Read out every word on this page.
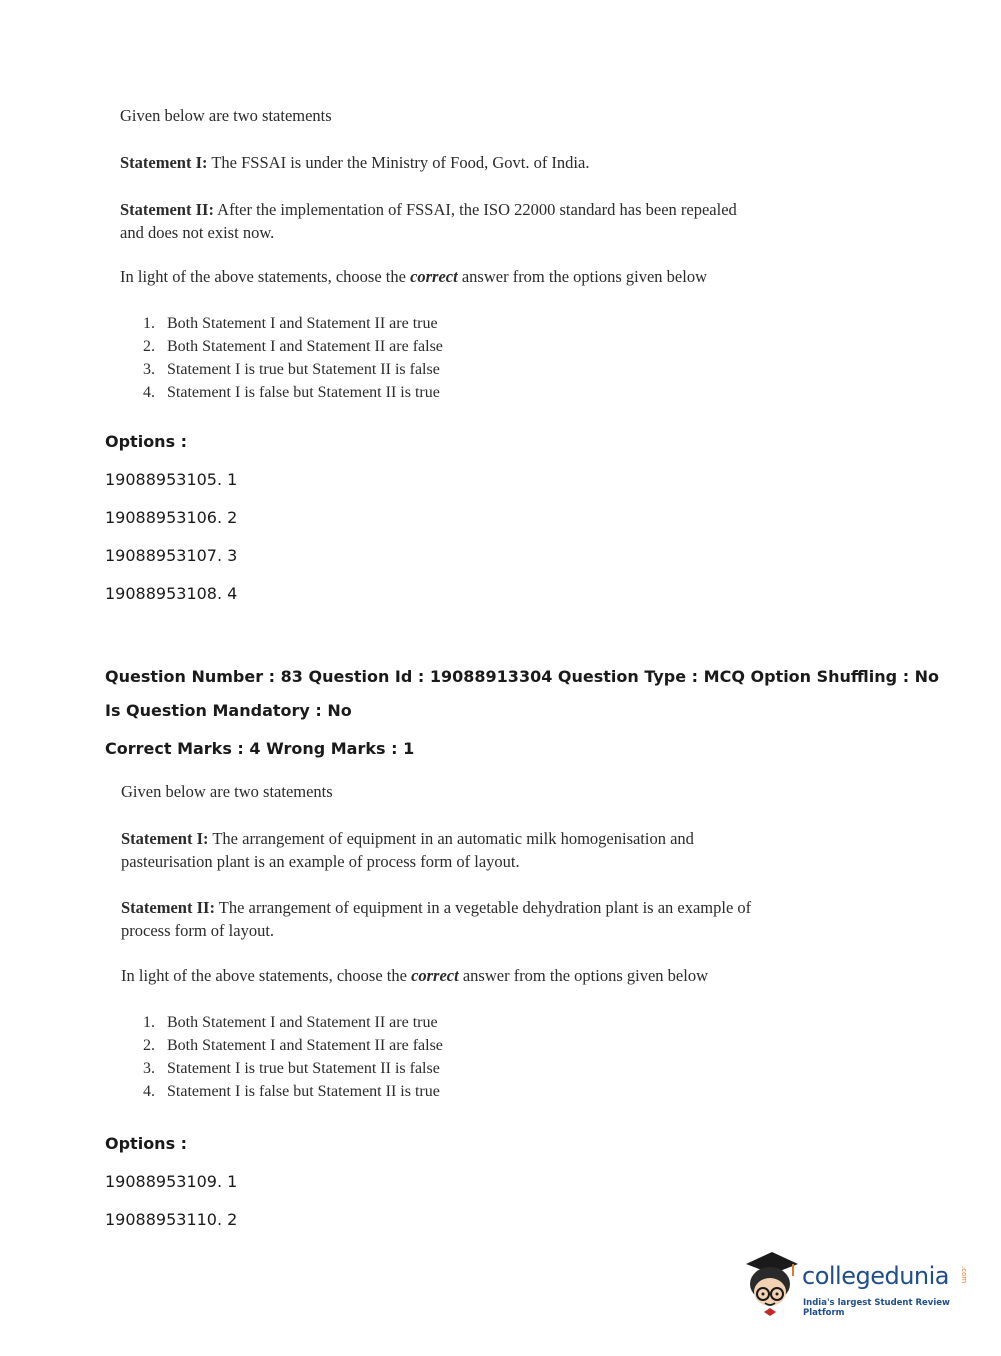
Given below are two statements
Statement I: The FSSAI is under the Ministry of Food, Govt. of India.
Statement II: After the implementation of FSSAI, the ISO 22000 standard has been repealed
and does not exist now.
In light of the above statements, choose the correct answer from the options given below
1. Both Statement I and Statement II are true
2. Both Statement I and Statement II are false
3. Statement I is true but Statement II is false
4. Statement I is false but Statement II is true
Options :
19088953105. 1
19088953106. 2
19088953107. 3
19088953108. 4
Question Number : 83 Question Id : 19088913304 Question Type : MCQ Option Shuffling : No
Is Question Mandatory : No
Correct Marks : 4 Wrong Marks : 1
Given below are two statements
Statement I: The arrangement of equipment in an automatic milk homogenisation and
pasteurisation plant is an example of process form of layout.
Statement II: The arrangement of equipment in a vegetable dehydration plant is an example of
process form of layout.
In light of the above statements, choose the correct answer from the options given below
1. Both Statement I and Statement II are true
2. Both Statement I and Statement II are false
3. Statement I is true but Statement II is false
4. Statement I is false but Statement II is true
Options :
19088953109. 1
19088953110. 2
collegedunia .com
India's largest Student Review Platform
